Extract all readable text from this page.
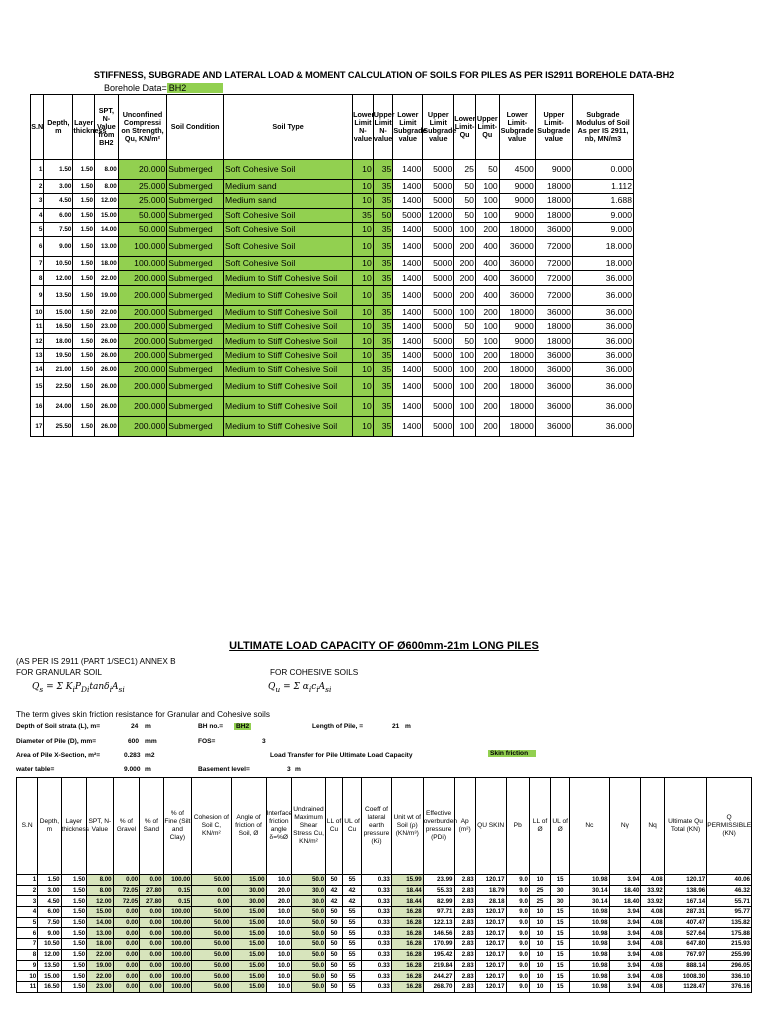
STIFFNESS, SUBGRADE AND LATERAL LOAD & MOMENT CALCULATION OF SOILS FOR PILES AS PER IS2911 BOREHOLE DATA-BH2
Borehole Data= BH2
S.N	Depth, m	Layer thickness	SPT, N-Value from BH2	Unconfined Compressi on Strength, Qu, KN/m²	Soil Condition	Soil Type	Lower Limit N-value	Upper Limit N-value	Lower Limit Subgrade value	Upper Limit Subgrade value	Lower Limit-Qu	Upper Limit-Qu	Lower Limit-Subgrade value	Upper Limit-Subgrade value	Subgrade Modulus of Soil As per IS 2911, nb, MN/m3
1	1.50	1.50	8.00	20.000	Submerged	Soft Cohesive Soil	10	35	1400	5000	25	50	4500	9000	0.000
2	3.00	1.50	8.00	25.000	Submerged	Medium sand	10	35	1400	5000	50	100	9000	18000	1.112
3	4.50	1.50	12.00	25.000	Submerged	Medium sand	10	35	1400	5000	50	100	9000	18000	1.688
4	6.00	1.50	15.00	50.000	Submerged	Soft Cohesive Soil	35	50	5000	12000	50	100	9000	18000	9.000
5	7.50	1.50	14.00	50.000	Submerged	Soft Cohesive Soil	10	35	1400	5000	100	200	18000	36000	9.000
6	9.00	1.50	13.00	100.000	Submerged	Soft Cohesive Soil	10	35	1400	5000	200	400	36000	72000	18.000
7	10.50	1.50	18.00	100.000	Submerged	Soft Cohesive Soil	10	35	1400	5000	200	400	36000	72000	18.000
8	12.00	1.50	22.00	200.000	Submerged	Medium to Stiff Cohesive Soil	10	35	1400	5000	200	400	36000	72000	36.000
9	13.50	1.50	19.00	200.000	Submerged	Medium to Stiff Cohesive Soil	10	35	1400	5000	200	400	36000	72000	36.000
10	15.00	1.50	22.00	200.000	Submerged	Medium to Stiff Cohesive Soil	10	35	1400	5000	100	200	18000	36000	36.000
11	16.50	1.50	23.00	200.000	Submerged	Medium to Stiff Cohesive Soil	10	35	1400	5000	50	100	9000	18000	36.000
12	18.00	1.50	26.00	200.000	Submerged	Medium to Stiff Cohesive Soil	10	35	1400	5000	50	100	9000	18000	36.000
13	19.50	1.50	26.00	200.000	Submerged	Medium to Stiff Cohesive Soil	10	35	1400	5000	100	200	18000	36000	36.000
14	21.00	1.50	26.00	200.000	Submerged	Medium to Stiff Cohesive Soil	10	35	1400	5000	100	200	18000	36000	36.000
15	22.50	1.50	26.00	200.000	Submerged	Medium to Stiff Cohesive Soil	10	35	1400	5000	100	200	18000	36000	36.000
16	24.00	1.50	26.00	200.000	Submerged	Medium to Stiff Cohesive Soil	10	35	1400	5000	100	200	18000	36000	36.000
17	25.50	1.50	26.00	200.000	Submerged	Medium to Stiff Cohesive Soil	10	35	1400	5000	100	200	18000	36000	36.000
ULTIMATE LOAD CAPACITY OF Ø600mm-21m LONG PILES
(AS PER IS 2911 (PART 1/SEC1) ANNEX B
FOR GRANULAR SOIL	FOR COHESIVE SOILS
$Q_s = \Sigma$ $K_iP_{Di}\tan\delta_iA_{si}$	$Q_u = \Sigma$ $\alpha_ic_iA_{si}$
The term gives skin friction resistance for Granular and Cohesive soils
Depth of Soil strata (L), m=	24 m	BH no.=	BH2	Length of Pile, =	21 m
Diameter of Pile (D), mm=	600 mm	FOS=	3
Area of Pile X-Section, m²=	0.283 m2	Load Transfer for Pile Ultimate Load Capacity	Skin friction
water table=	9.000 m	Basement level=	3 m
S.N	Depth, m	Layer thickness	SPT, N-Value	% of Gravel	% of Sand	% of Fine (Silt and Clay)	Cohesion of Soil C, KN/m²	Angle of friction of Soil, Ø	Interface friction angle δ=%Ø	Undrained Maximum Shear Stress Cu, KN/m²	LL of Cu	UL of Cu	Coeff of lateral earth pressure (Ki)	Unit wt of Soil (ρ) (KN/m³)	Effective overburden pressure (PDi)	Ap (m²)	QU SKIN	Pb	LL of Ø	UL of Ø	Nc	Nγ	Nq	Ultimate Qu Total (KN)	Q PERMISSIBLE (KN)
1	1.50	1.50	8.00	0.00	0.00	100.00	50.00	15.00	10.0	50.0	50	55	0.33	15.99	23.99	2.83	120.17	9.0	10	15	10.98	3.94	4.08	120.17	40.06
2	3.00	1.50	8.00	72.05	27.80	0.15	0.00	30.00	20.0	30.0	42	42	0.33	18.44	55.33	2.83	18.79	9.0	25	30	30.14	18.40	33.92	138.96	46.32
3	4.50	1.50	12.00	72.05	27.80	0.15	0.00	30.00	20.0	30.0	42	42	0.33	18.44	82.99	2.83	28.18	9.0	25	30	30.14	18.40	33.92	167.14	55.71
4	6.00	1.50	15.00	0.00	0.00	100.00	50.00	15.00	10.0	50.0	50	55	0.33	16.28	97.71	2.83	120.17	9.0	10	15	10.98	3.94	4.08	287.31	95.77
5	7.50	1.50	14.00	0.00	0.00	100.00	50.00	15.00	10.0	50.0	50	55	0.33	16.28	122.13	2.83	120.17	9.0	10	15	10.98	3.94	4.08	407.47	135.82
6	9.00	1.50	13.00	0.00	0.00	100.00	50.00	15.00	10.0	50.0	50	55	0.33	16.28	146.56	2.83	120.17	9.0	10	15	10.98	3.94	4.08	527.64	175.88
7	10.50	1.50	18.00	0.00	0.00	100.00	50.00	15.00	10.0	50.0	50	55	0.33	16.28	170.99	2.83	120.17	9.0	10	15	10.98	3.94	4.08	647.80	215.93
8	12.00	1.50	22.00	0.00	0.00	100.00	50.00	15.00	10.0	50.0	50	55	0.33	16.28	195.42	2.83	120.17	9.0	10	15	10.98	3.94	4.08	767.97	255.99
9	13.50	1.50	19.00	0.00	0.00	100.00	50.00	15.00	10.0	50.0	50	55	0.33	16.28	219.84	2.83	120.17	9.0	10	15	10.98	3.94	4.08	888.14	296.05
10	15.00	1.50	22.00	0.00	0.00	100.00	50.00	15.00	10.0	50.0	50	55	0.33	16.28	244.27	2.83	120.17	9.0	10	15	10.98	3.94	4.08	1008.30	336.10
11	16.50	1.50	23.00	0.00	0.00	100.00	50.00	15.00	10.0	50.0	50	55	0.33	16.28	268.70	2.83	120.17	9.0	10	15	10.98	3.94	4.08	1128.47	376.16
